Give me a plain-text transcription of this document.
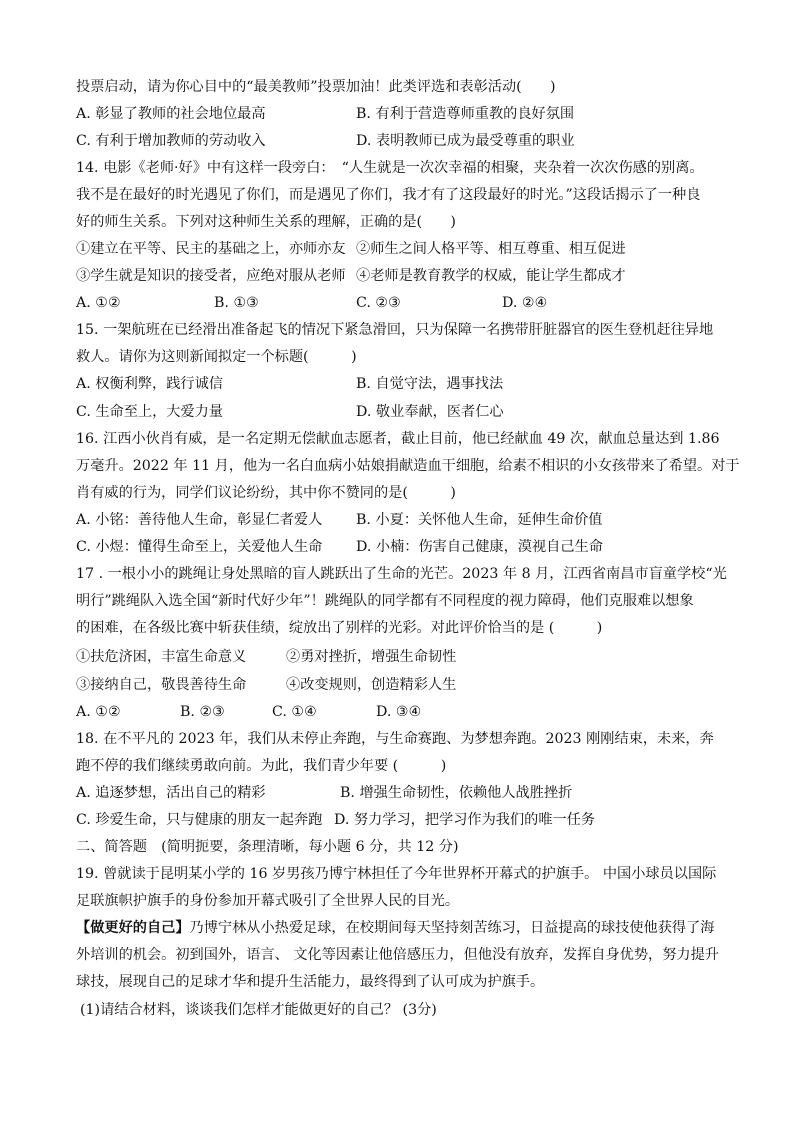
投票启动，请为你心目中的“最美教师”投票加油！此类评选和表彰活动(　　)
A. 彰显了教师的社会地位最高	B. 有利于营造尊师重教的良好氛围
C. 有利于增加教师的劳动收入	D. 表明教师已成为最受尊重的职业
14. 电影《老师·好》中有这样一段旁白：　“人生就是一次次幸福的相聚，夹杂着一次次伤感的别离。
我不是在最好的时光遇见了你们，而是遇见了你们，我才有了这段最好的时光。”这段话揭示了一种良
好的师生关系。下列对这种师生关系的理解，正确的是(　　)
①建立在平等、民主的基础之上，亦师亦友 ②师生之间人格平等、相互尊重、相互促进
③学生就是知识的接受者，应绝对服从老师 ④老师是教育教学的权威，能让学生都成才
A. ①②	B. ①③	C. ②③	D. ②④
15. 一架航班在已经滑出准备起飞的情况下紧急滑回，只为保障一名携带肝脏器官的医生登机赶往异地
救人。请你为这则新闻拟定一个标题(　　　)
A. 权衡利弊，践行诚信	B. 自觉守法，遇事找法
C. 生命至上，大爱力量	D. 敬业奉献，医者仁心
16. 江西小伙肖有威，是一名定期无偿献血志愿者，截止目前，他已经献血 49 次，献血总量达到 1.86
万毫升。2022 年 11 月，他为一名白血病小姑娘捐献造血干细胞，给素不相识的小女孩带来了希望。对于
肖有威的行为，同学们议论纷纷，其中你不赞同的是(　　　)
A. 小铭：善待他人生命，彰显仁者爱人 B. 小夏：关怀他人生命，延伸生命价值
C. 小煜：懂得生命至上，关爱他人生命 D. 小楠：伤害自己健康，漠视自己生命
17 . 一根小小的跳绳让身处黑暗的盲人跳跃出了生命的光芒。2023 年 8 月，江西省南昌市盲童学校“光
明行”跳绳队入选全国“新时代好少年”！跳绳队的同学都有不同程度的视力障碍，他们克服难以想象
的困难，在各级比赛中斩获佳绩，绽放出了别样的光彩。对此评价恰当的是 (　　　)
①扶危济困，丰富生命意义	②勇对挫折，增强生命韧性
③接纳自己，敬畏善待生命	④改变规则，创造精彩人生
A. ①②	B. ②③	C. ①④	D. ③④
18. 在不平凡的 2023 年，我们从未停止奔跑，与生命赛跑、为梦想奔跑。2023 刚刚结束，未来，奔
跑不停的我们继续勇敢向前。为此，我们青少年要 (　　　)
A. 追逐梦想，活出自己的精彩	B. 增强生命韧性，依赖他人战胜挫折
C. 珍爱生命，只与健康的朋友一起奔跑 D. 努力学习，把学习作为我们的唯一任务
二、简答题　(简明扼要，条理清晰，每小题 6 分，共 12 分)
19. 曾就读于昆明某小学的 16 岁男孩乃博宁林担任了今年世界杯开幕式的护旗手。 中国小球员以国际
足联旗帜护旗手的身份参加开幕式吸引了全世界人民的目光。
【做更好的自己】乃博宁林从小热爱足球，在校期间每天坚持刻苦练习，日益提高的球技使他获得了海
外培训的机会。初到国外，语言、 文化等因素让他倍感压力，但他没有放弃，发挥自身优势，努力提升
球技，展现自己的足球才华和提升生活能力，最终得到了认可成为护旗手。
(1)请结合材料，谈谈我们怎样才能做更好的自己？ (3分)
